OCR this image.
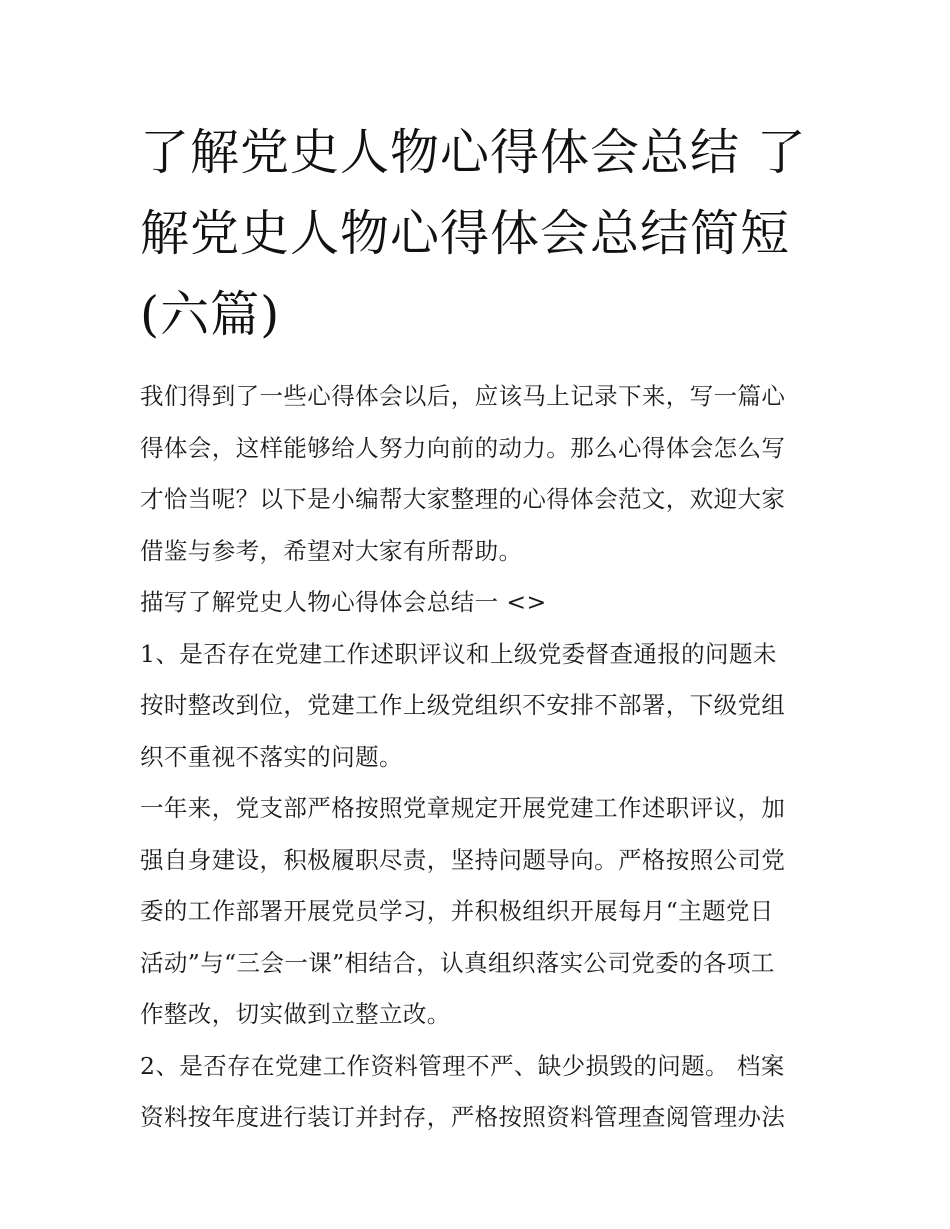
了解党史人物心得体会总结 了
解党史人物心得体会总结简短
(六篇)

我们得到了一些心得体会以后，应该马上记录下来，写一篇心
得体会，这样能够给人努力向前的动力。那么心得体会怎么写
才恰当呢？以下是小编帮大家整理的心得体会范文，欢迎大家
借鉴与参考，希望对大家有所帮助。

描写了解党史人物心得体会总结一 <>

1、是否存在党建工作述职评议和上级党委督查通报的问题未
按时整改到位，党建工作上级党组织不安排不部署，下级党组
织不重视不落实的问题。

一年来，党支部严格按照党章规定开展党建工作述职评议，加
强自身建设，积极履职尽责，坚持问题导向。严格按照公司党
委的工作部署开展党员学习，并积极组织开展每月“主题党日
活动”与“三会一课”相结合，认真组织落实公司党委的各项工
作整改，切实做到立整立改。

2、是否存在党建工作资料管理不严、缺少损毁的问题。 档案
资料按年度进行装订并封存，严格按照资料管理查阅管理办法
